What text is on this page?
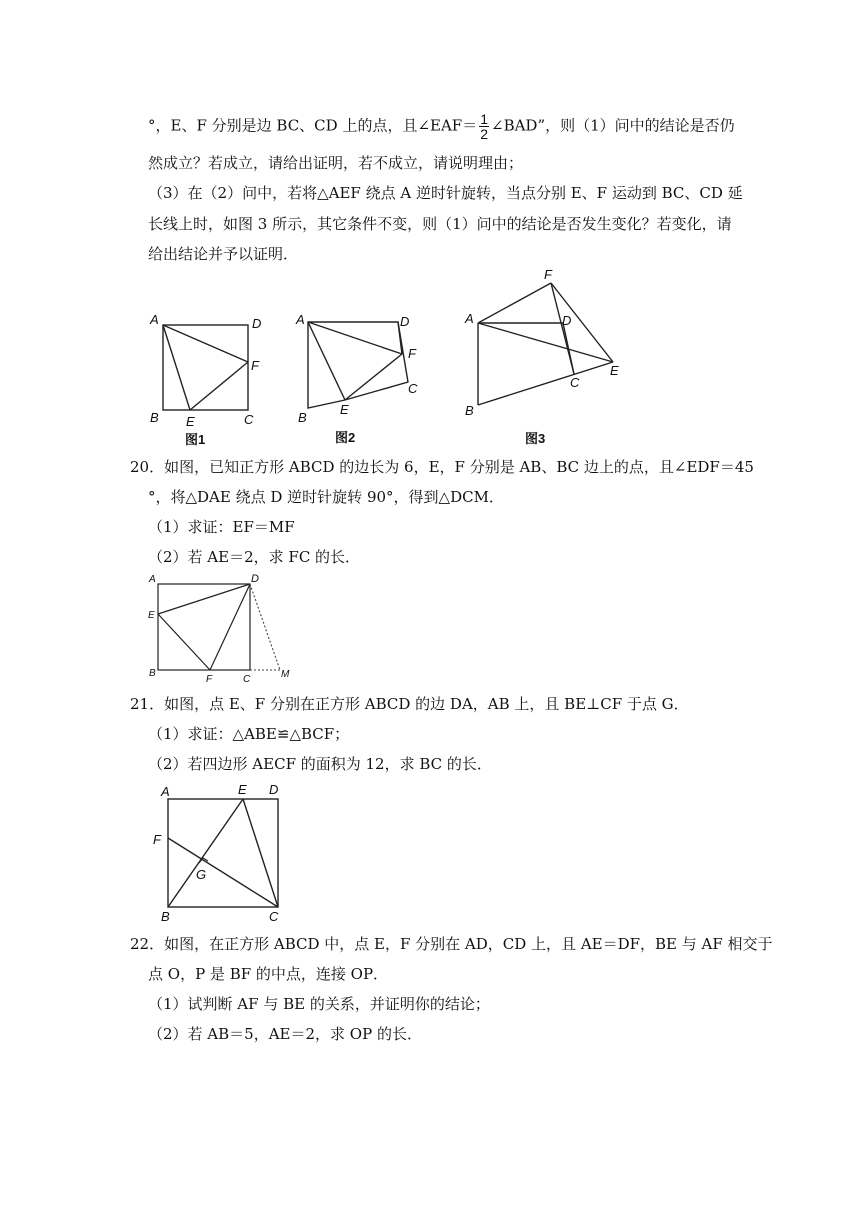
°，E、F 分别是边 BC、CD 上的点，且∠EAF＝ $\frac{1}{2}$ ∠BAD”，则（1）问中的结论是否仍
然成立？若成立，请给出证明，若不成立，请说明理由；
（3）在（2）问中，若将△AEF 绕点 A 逆时针旋转，当点分别 E、F 运动到 BC、CD 延
长线上时，如图 3 所示，其它条件不变，则（1）问中的结论是否发生变化？若变化，请
给出结论并予以证明．
A	D
F
B E	C
图1
A	D
F
C
E
B
图2
F
A	D
E
C
B
图3
20．如图，已知正方形 ABCD 的边长为 6，E，F 分别是 AB、BC 边上的点，且∠EDF＝45
°，将△DAE 绕点 D 逆时针旋转 90°，得到△DCM．
（1）求证：EF＝MF
（2）若 AE＝2，求 FC 的长．
A	D
E
B
F	C	M
21．如图，点 E、F 分别在正方形 ABCD 的边 DA，AB 上，且 BE⊥CF 于点 G．
（1）求证：△ABE≌△BCF；
（2）若四边形 AECF 的面积为 12，求 BC 的长．
A	E D
F
G
B	C
22．如图，在正方形 ABCD 中，点 E，F 分别在 AD，CD 上，且 AE＝DF，BE 与 AF 相交于
点 O，P 是 BF 的中点，连接 OP．
（1）试判断 AF 与 BE 的关系，并证明你的结论；
（2）若 AB＝5，AE＝2，求 OP 的长．
